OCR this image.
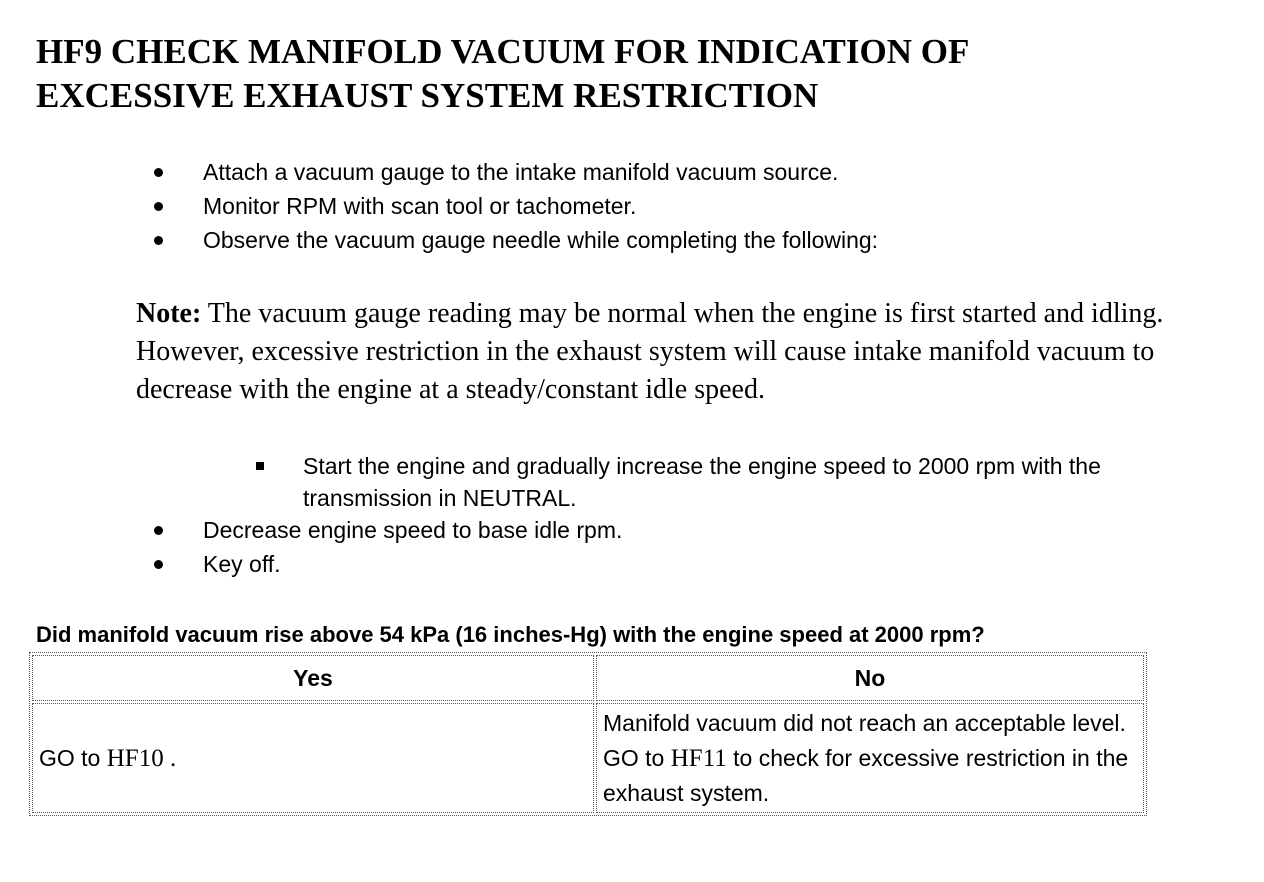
HF9 CHECK MANIFOLD VACUUM FOR INDICATION OF
EXCESSIVE EXHAUST SYSTEM RESTRICTION
Attach a vacuum gauge to the intake manifold vacuum source.
Monitor RPM with scan tool or tachometer.
Observe the vacuum gauge needle while completing the following:

Note: The vacuum gauge reading may be normal when the engine is first started and idling. However, excessive restriction in the exhaust system will cause intake manifold vacuum to decrease with the engine at a steady/constant idle speed.

Start the engine and gradually increase the engine speed to 2000 rpm with the transmission in NEUTRAL.
Decrease engine speed to base idle rpm.
Key off.

Did manifold vacuum rise above 54 kPa (16 inches-Hg) with the engine speed at 2000 rpm?

Yes	No
GO to HF10 .	Manifold vacuum did not reach an acceptable level. GO to HF11 to check for excessive restriction in the exhaust system.
